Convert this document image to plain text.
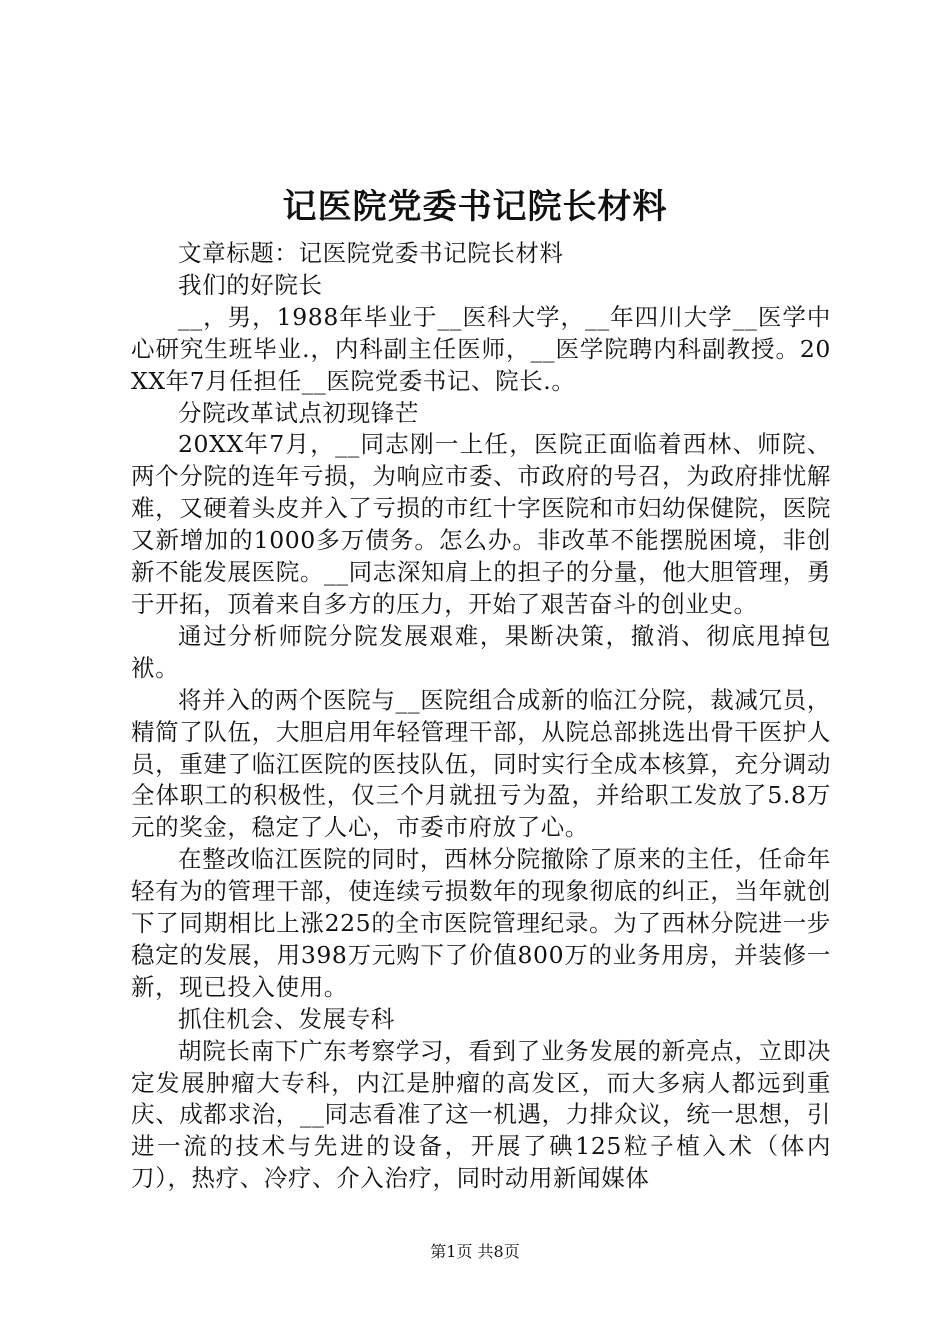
记医院党委书记院长材料

文章标题：记医院党委书记院长材料

我们的好院长

__，男，1988年毕业于__医科大学，__年四川大学__医学中心研究生班毕业.，内科副主任医师，__医学院聘内科副教授。20XX年7月任担任__医院党委书记、院长.。

分院改革试点初现锋芒

20XX年7月，__同志刚一上任，医院正面临着西林、师院、两个分院的连年亏损，为响应市委、市政府的号召，为政府排忧解难，又硬着头皮并入了亏损的市红十字医院和市妇幼保健院，医院又新增加的1000多万债务。怎么办。非改革不能摆脱困境，非创新不能发展医院。__同志深知肩上的担子的分量，他大胆管理，勇于开拓，顶着来自多方的压力，开始了艰苦奋斗的创业史。

通过分析师院分院发展艰难，果断决策，撤消、彻底甩掉包袱。

将并入的两个医院与__医院组合成新的临江分院，裁减冗员，精简了队伍，大胆启用年轻管理干部，从院总部挑选出骨干医护人员，重建了临江医院的医技队伍，同时实行全成本核算，充分调动全体职工的积极性，仅三个月就扭亏为盈，并给职工发放了5.8万元的奖金，稳定了人心，市委市府放了心。

在整改临江医院的同时，西林分院撤除了原来的主任，任命年轻有为的管理干部，使连续亏损数年的现象彻底的纠正，当年就创下了同期相比上涨225的全市医院管理纪录。为了西林分院进一步稳定的发展，用398万元购下了价值800万的业务用房，并装修一新，现已投入使用。

抓住机会、发展专科

胡院长南下广东考察学习，看到了业务发展的新亮点，立即决定发展肿瘤大专科，内江是肿瘤的高发区，而大多病人都远到重庆、成都求治，__同志看准了这一机遇，力排众议，统一思想，引进一流的技术与先进的设备，开展了碘125粒子植入术（体内刀），热疗、冷疗、介入治疗，同时动用新闻媒体

第1页 共8页
